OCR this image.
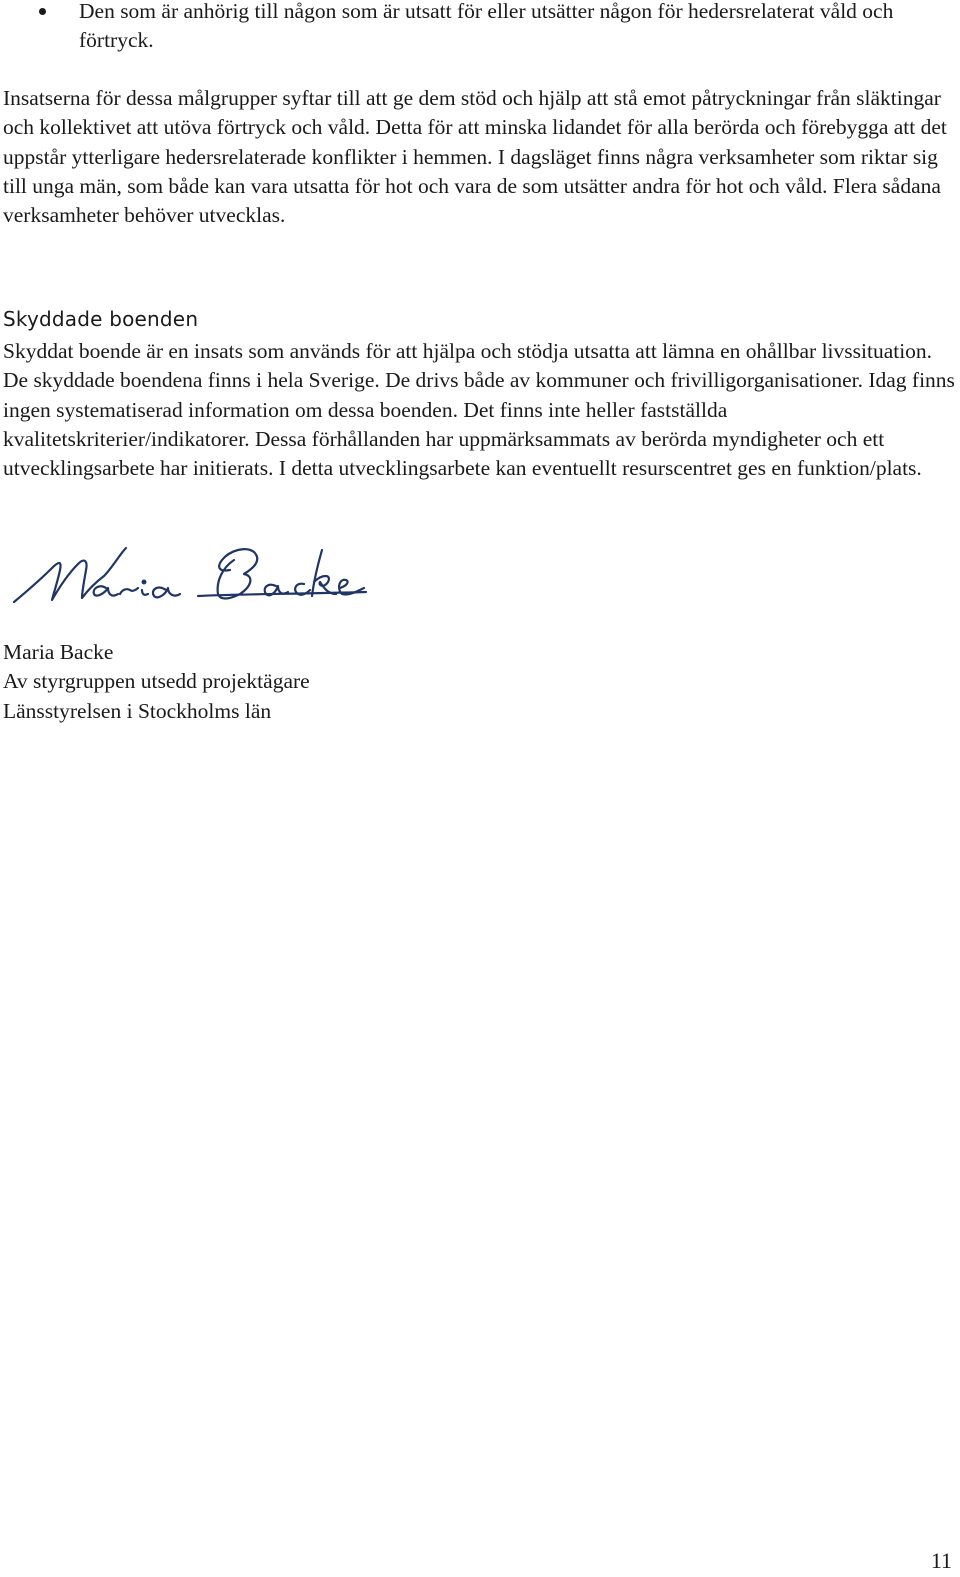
Den som är anhörig till någon som är utsatt för eller utsätter någon för hedersrelaterat våld och förtryck.

Insatserna för dessa målgrupper syftar till att ge dem stöd och hjälp att stå emot påtryckningar från släktingar och kollektivet att utöva förtryck och våld. Detta för att minska lidandet för alla berörda och förebygga att det uppstår ytterligare hedersrelaterade konflikter i hemmen. I dagsläget finns några verksamheter som riktar sig till unga män, som både kan vara utsatta för hot och vara de som utsätter andra för hot och våld. Flera sådana verksamheter behöver utvecklas.

Skyddade boenden

Skyddat boende är en insats som används för att hjälpa och stödja utsatta att lämna en ohållbar livssituation. De skyddade boendena finns i hela Sverige. De drivs både av kommuner och frivilligorganisationer. Idag finns ingen systematiserad information om dessa boenden. Det finns inte heller fastställda kvalitetskriterier/indikatorer. Dessa förhållanden har uppmärksammats av berörda myndigheter och ett utvecklingsarbete har initierats. I detta utvecklingsarbete kan eventuellt resurscentret ges en funktion/plats.

Maria Backe
Av styrgruppen utsedd projektägare
Länsstyrelsen i Stockholms län
11
